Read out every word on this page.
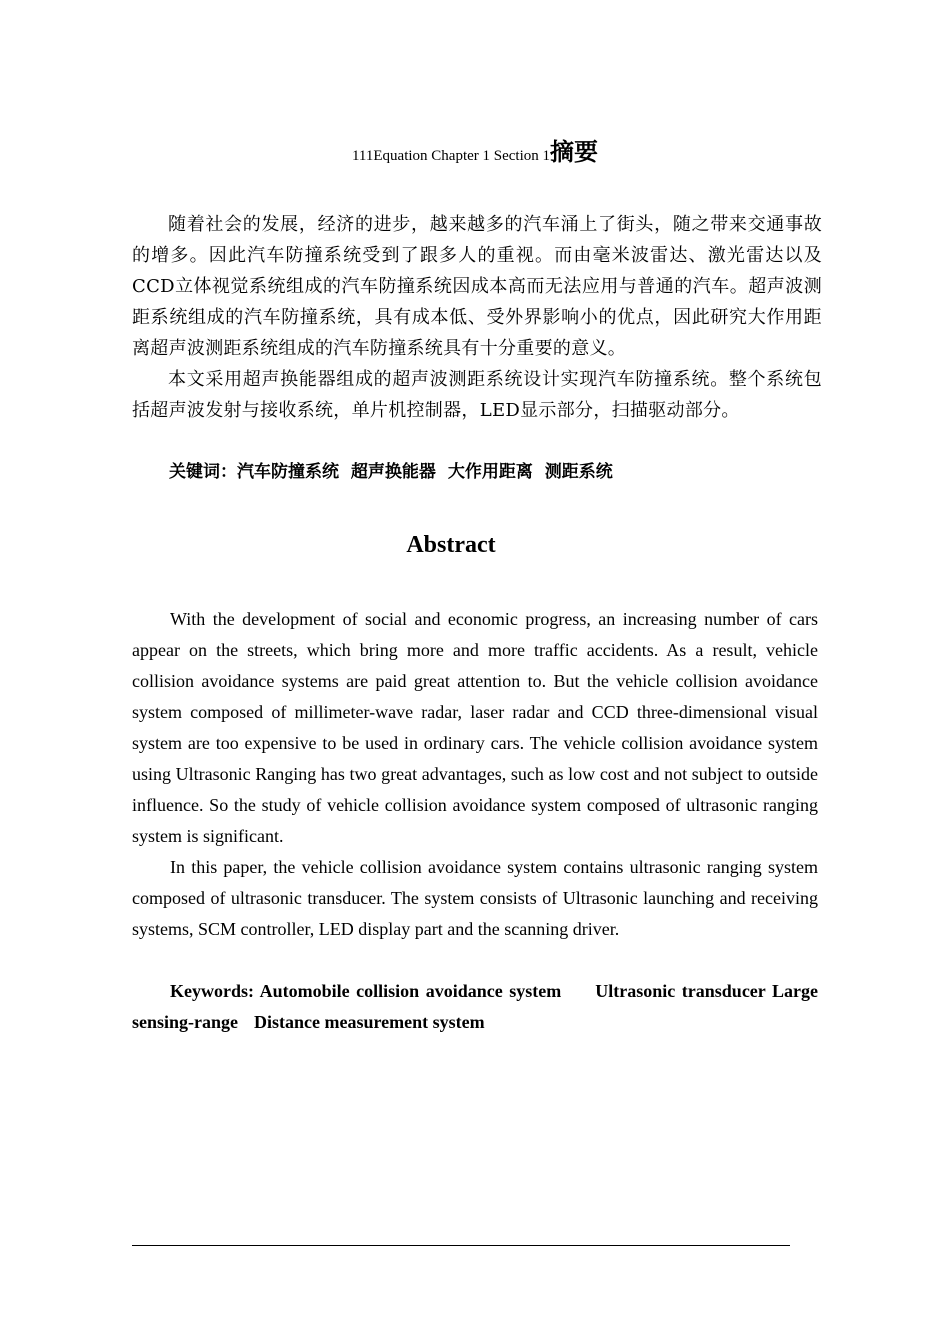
111Equation Chapter 1 Section 1摘要

随着社会的发展，经济的进步，越来越多的汽车涌上了街头，随之带来交通事故的增多。因此汽车防撞系统受到了跟多人的重视。而由毫米波雷达、激光雷达以及CCD立体视觉系统组成的汽车防撞系统因成本高而无法应用与普通的汽车。超声波测距系统组成的汽车防撞系统，具有成本低、受外界影响小的优点，因此研究大作用距离超声波测距系统组成的汽车防撞系统具有十分重要的意义。

本文采用超声换能器组成的超声波测距系统设计实现汽车防撞系统。整个系统包括超声波发射与接收系统，单片机控制器，LED显示部分，扫描驱动部分。

关键词：汽车防撞系统 超声换能器 大作用距离 测距系统
Abstract

With the development of social and economic progress, an increasing number of cars appear on the streets, which bring more and more traffic accidents. As a result, vehicle collision avoidance systems are paid great attention to. But the vehicle collision avoidance system composed of millimeter-wave radar, laser radar and CCD three-dimensional visual system are too expensive to be used in ordinary cars. The vehicle collision avoidance system using Ultrasonic Ranging has two great advantages, such as low cost and not subject to outside influence. So the study of vehicle collision avoidance system composed of ultrasonic ranging system is significant.

In this paper, the vehicle collision avoidance system contains ultrasonic ranging system composed of ultrasonic transducer. The system consists of Ultrasonic launching and receiving systems, SCM controller, LED display part and the scanning driver.

Keywords: Automobile collision avoidance system Ultrasonic transducer Large sensing-range Distance measurement system
